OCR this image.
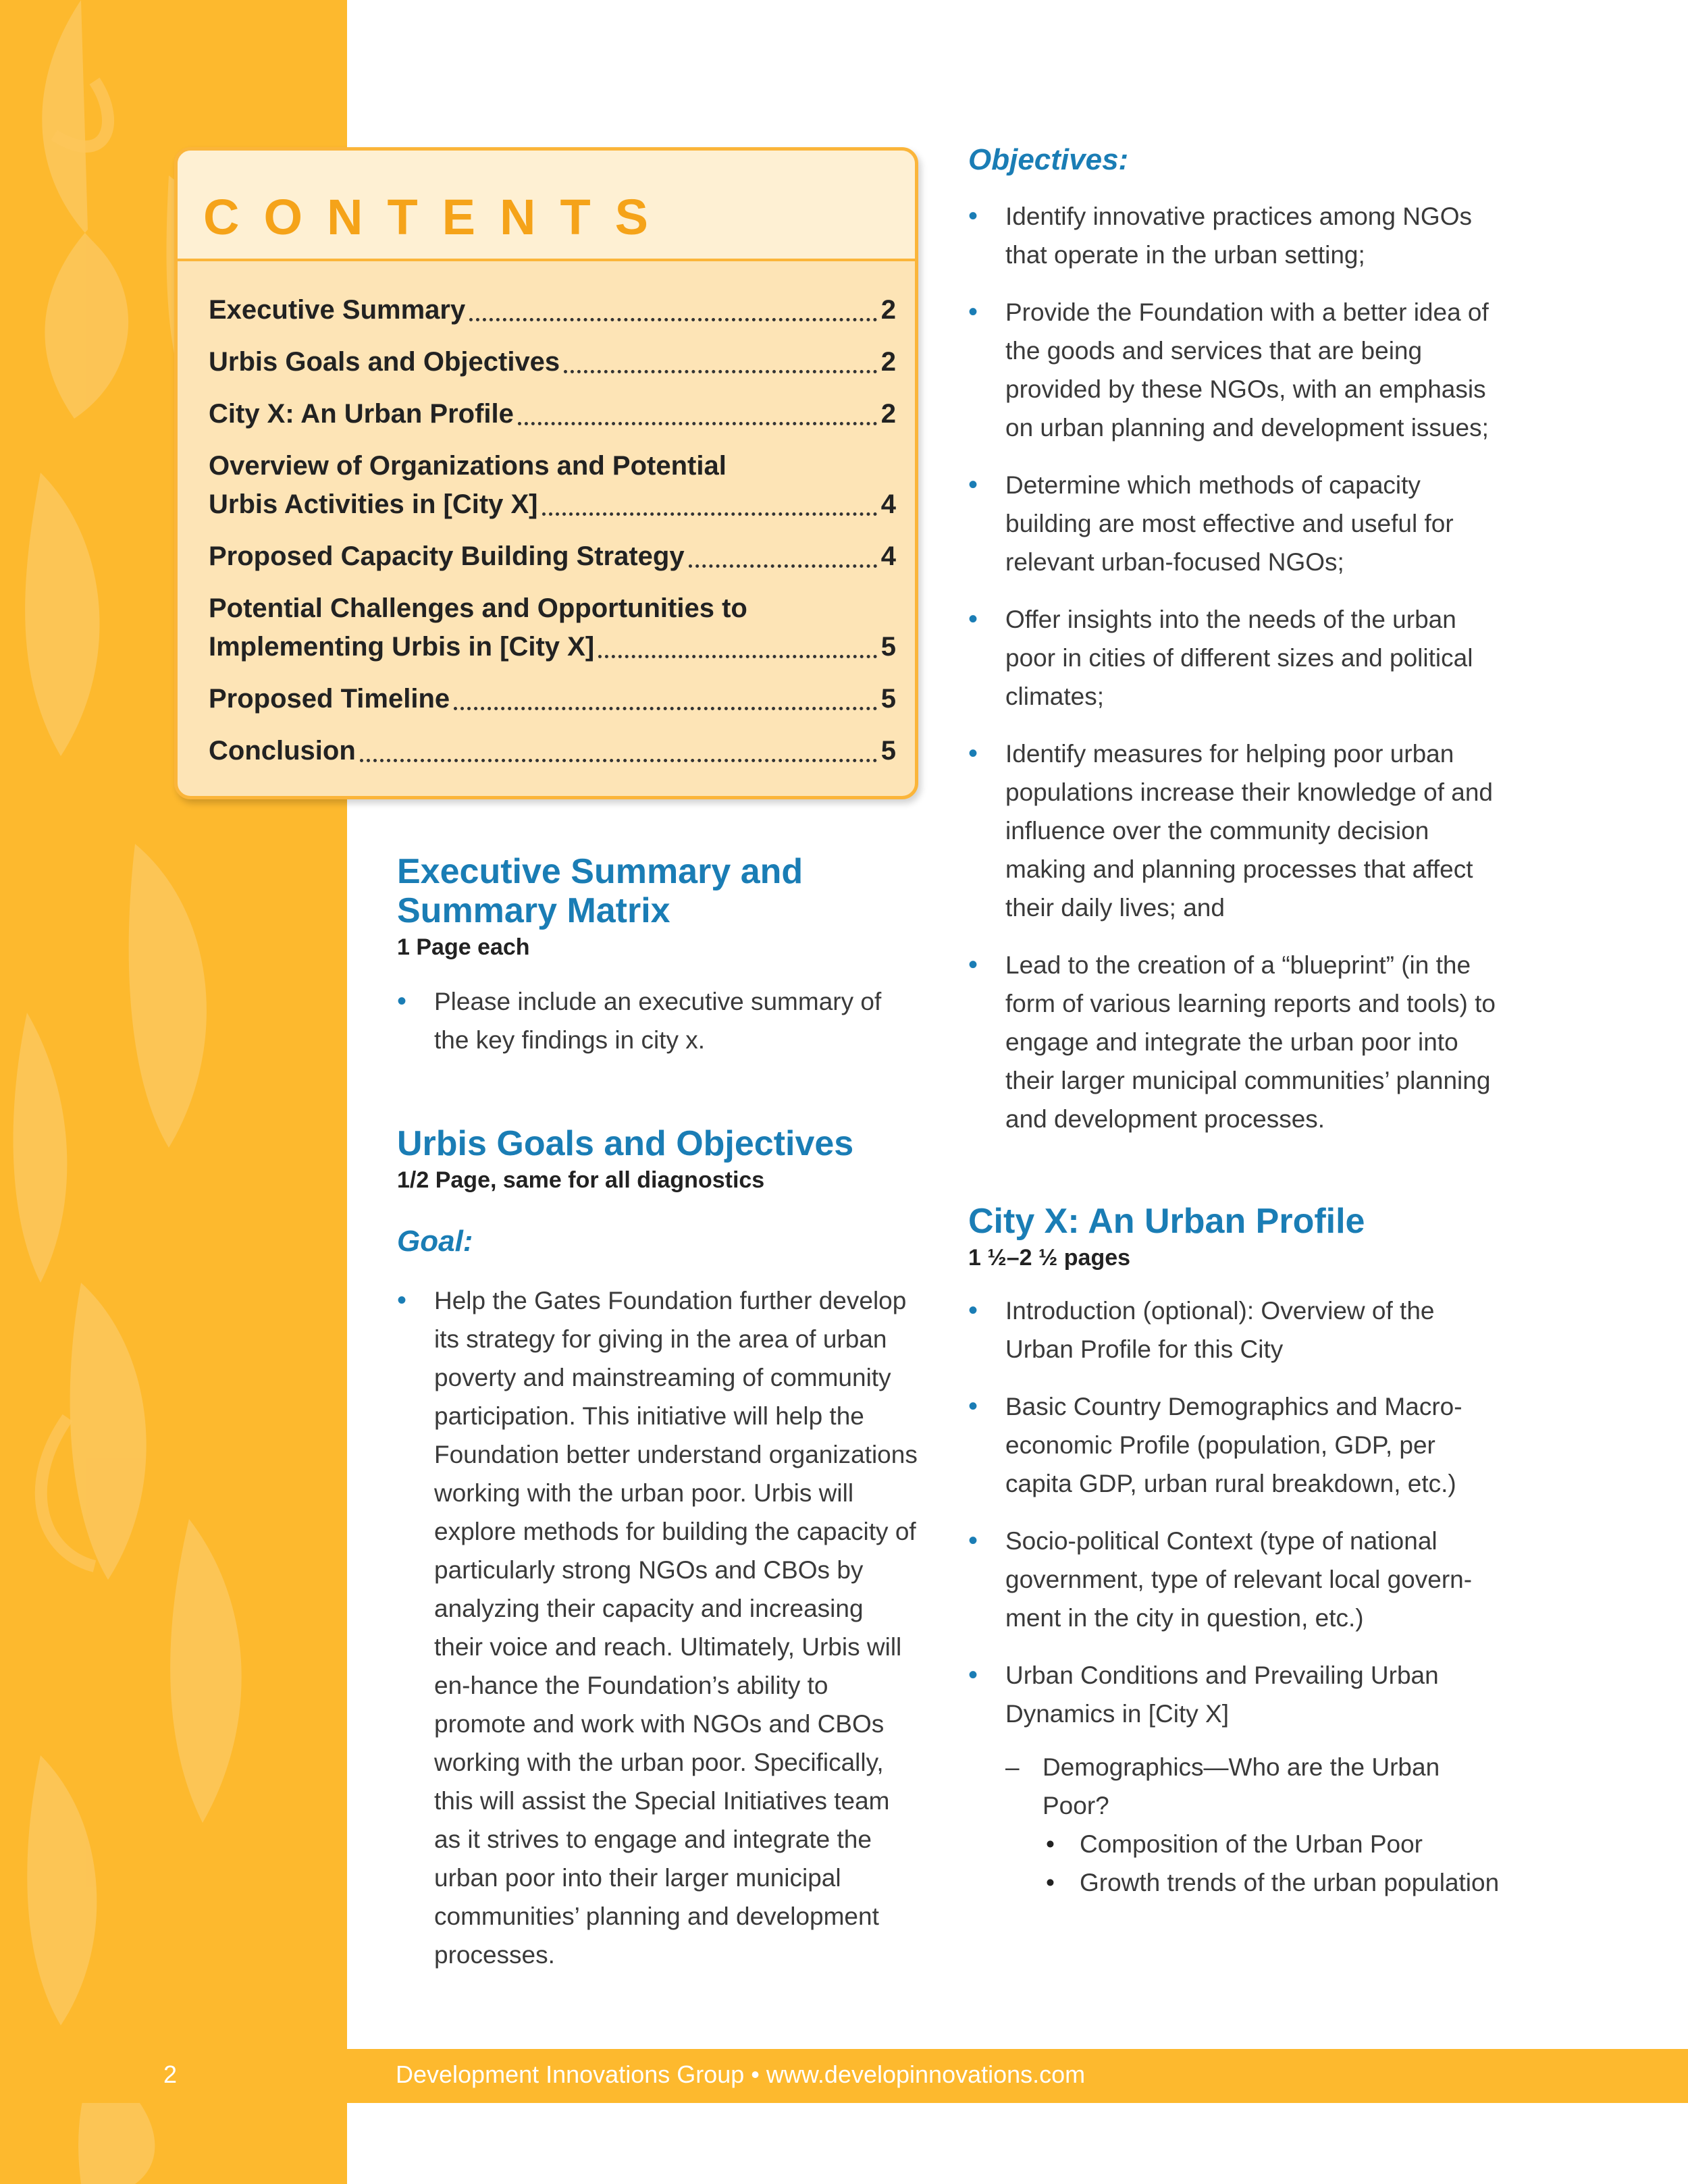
2	Development Innovations Group • www.developinnovations.com
CONTENTS
Executive Summary	2
Urbis Goals and Objectives	2
City X: An Urban Profile	2
Overview of Organizations and Potential
Urbis Activities in [City X]	4
Proposed Capacity Building Strategy	4
Potential Challenges and Opportunities to
Implementing Urbis in [City X]	5
Proposed Timeline	5
Conclusion	5
Executive Summary and
Summary Matrix
1 Page each
• Please include an executive summary of the key findings in city x.
Urbis Goals and Objectives
1/2 Page, same for all diagnostics
Goal:
• Help the Gates Foundation further develop its strategy for giving in the area of urban poverty and mainstreaming of community participation. This initiative will help the Foundation better understand organizations working with the urban poor. Urbis will explore methods for building the capacity of particularly strong NGOs and CBOs by analyzing their capacity and increasing their voice and reach. Ultimately, Urbis will en-hance the Foundation’s ability to promote and work with NGOs and CBOs working with the urban poor. Specifically, this will assist the Special Initiatives team as it strives to engage and integrate the urban poor into their larger municipal communities’ planning and development processes.
Objectives:
• Identify innovative practices among NGOs that operate in the urban setting;
• Provide the Foundation with a better idea of the goods and services that are being provided by these NGOs, with an emphasis on urban planning and development issues;
• Determine which methods of capacity building are most effective and useful for relevant urban-focused NGOs;
• Offer insights into the needs of the urban poor in cities of different sizes and political climates;
• Identify measures for helping poor urban populations increase their knowledge of and influence over the community decision making and planning processes that affect their daily lives; and
• Lead to the creation of a “blueprint” (in the form of various learning reports and tools) to engage and integrate the urban poor into their larger municipal communities’ planning and development processes.
City X: An Urban Profile
1 ½–2 ½ pages
• Introduction (optional): Overview of the Urban Profile for this City
• Basic Country Demographics and Macro-economic Profile (population, GDP, per capita GDP, urban rural breakdown, etc.)
• Socio-political Context (type of national government, type of relevant local govern-ment in the city in question, etc.)
• Urban Conditions and Prevailing Urban Dynamics in [City X]
– Demographics—Who are the Urban Poor?
• Composition of the Urban Poor
• Growth trends of the urban population
